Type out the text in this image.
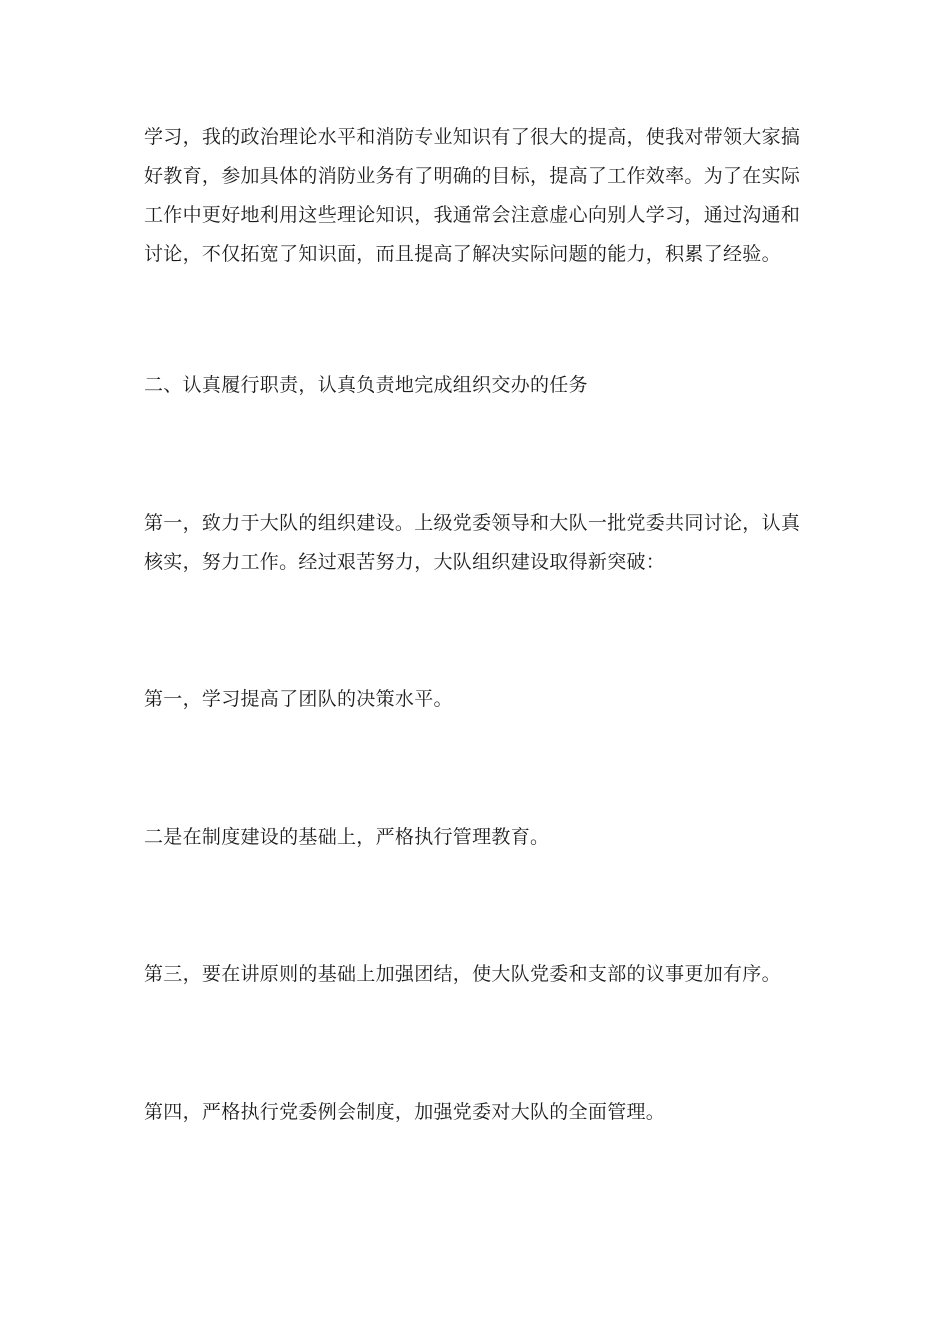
学习，我的政治理论水平和消防专业知识有了很大的提高，使我对带领大家搞
好教育，参加具体的消防业务有了明确的目标，提高了工作效率。为了在实际
工作中更好地利用这些理论知识，我通常会注意虚心向别人学习，通过沟通和
讨论，不仅拓宽了知识面，而且提高了解决实际问题的能力，积累了经验。

二、认真履行职责，认真负责地完成组织交办的任务

第一，致力于大队的组织建设。上级党委领导和大队一批党委共同讨论，认真
核实，努力工作。经过艰苦努力，大队组织建设取得新突破：

第一，学习提高了团队的决策水平。

二是在制度建设的基础上，严格执行管理教育。

第三，要在讲原则的基础上加强团结，使大队党委和支部的议事更加有序。

第四，严格执行党委例会制度，加强党委对大队的全面管理。
